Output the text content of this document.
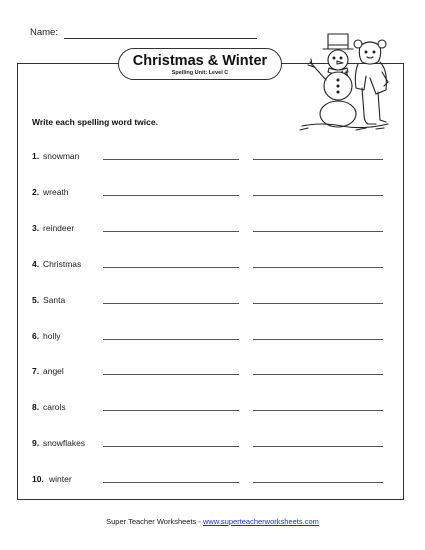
Name:
Christmas & Winter
Spelling Unit: Level C
Write each spelling word twice.
1. snowman
2. wreath
3. reindeer
4. Christmas
5. Santa
6. holly
7. angel
8. carols
9. snowflakes
10. winter
Super Teacher Worksheets - www.superteacherworksheets.com
